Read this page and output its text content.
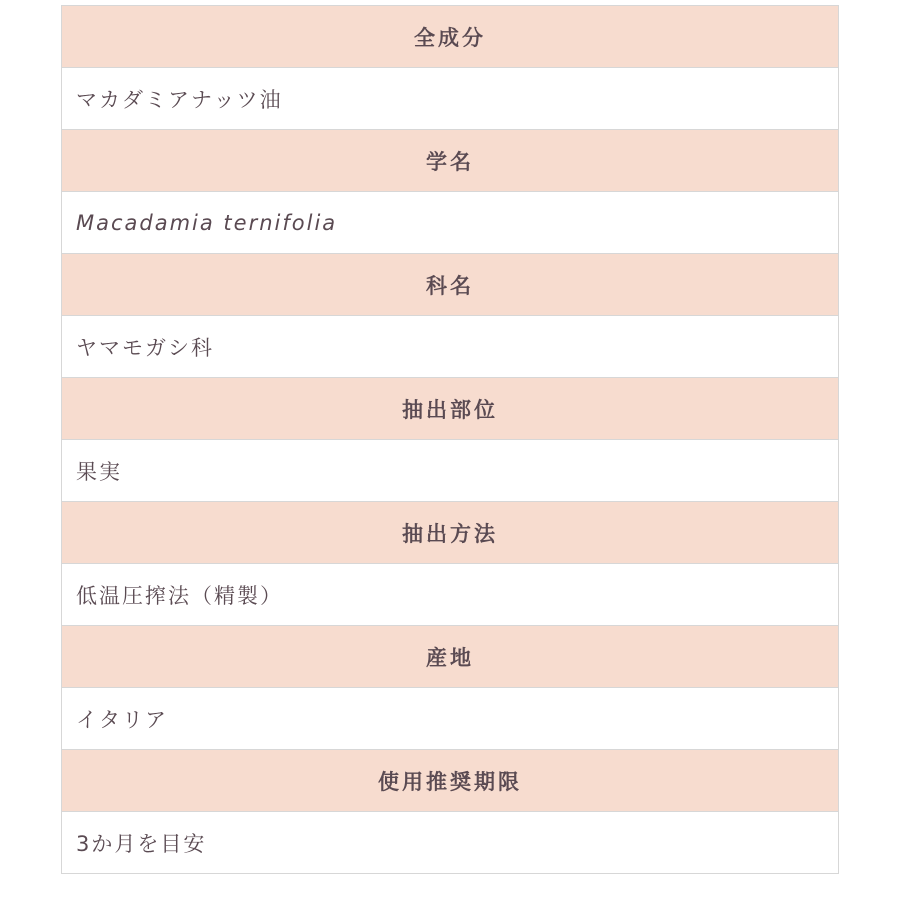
全成分
マカダミアナッツ油
学名
Macadamia ternifolia
科名
ヤマモガシ科
抽出部位
果実
抽出方法
低温圧搾法（精製）
産地
イタリア
使用推奨期限
3か月を目安
